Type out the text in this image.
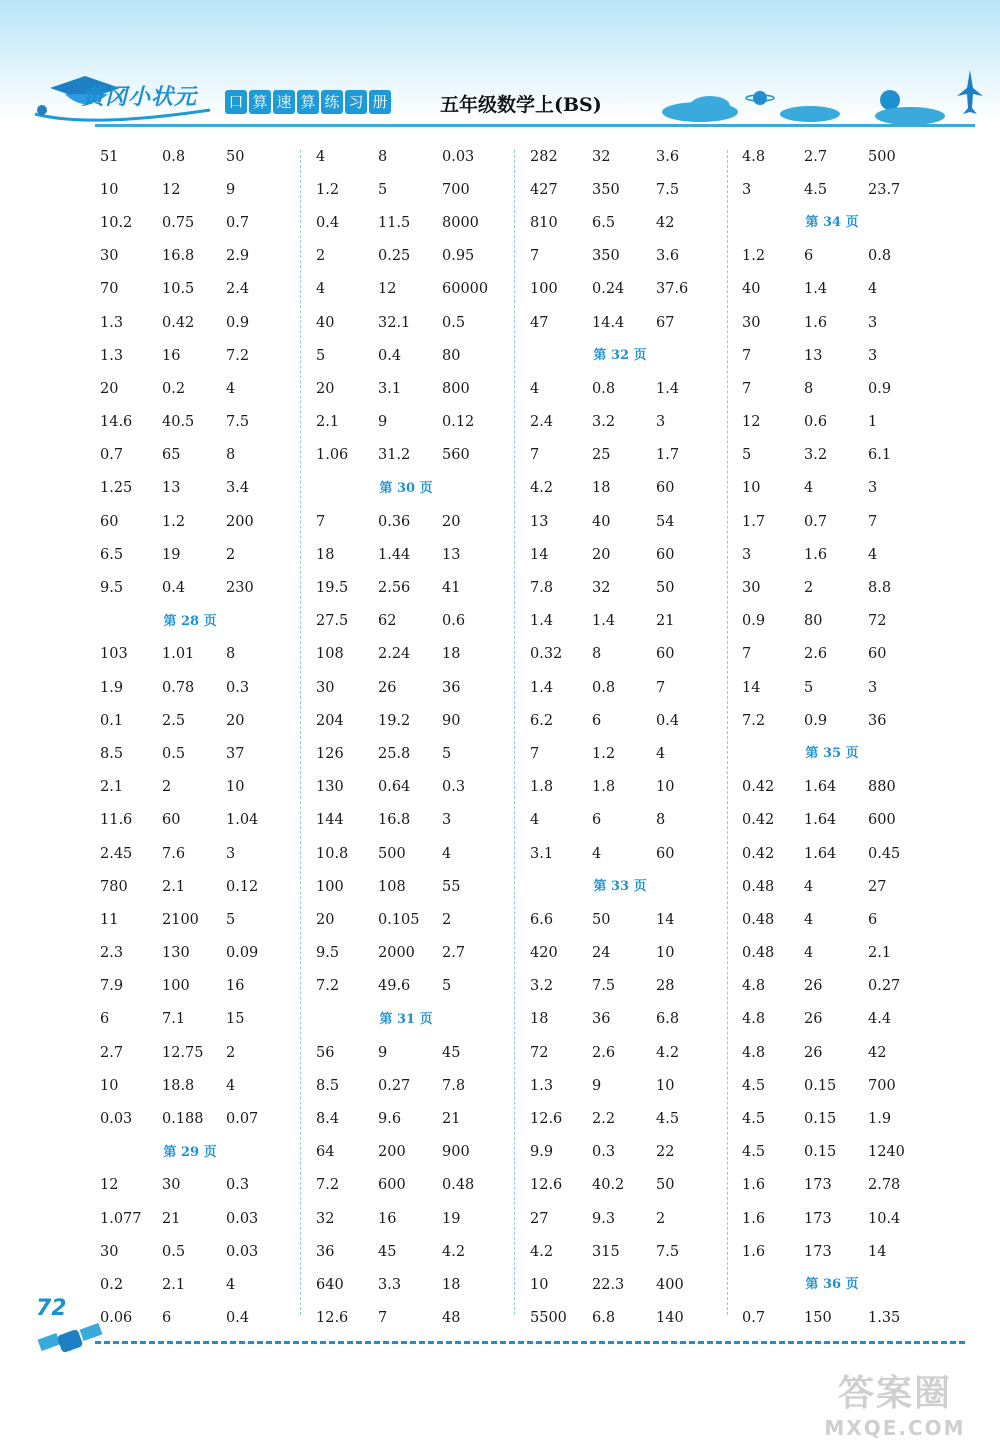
黄冈小状元 口 算 速 算 练 习 册	五年级数学上(BS)
51	0.8	50
10	12	9
10.2	0.75	0.7
30	16.8	2.9
70	10.5	2.4
1.3	0.42	0.9
1.3	16	7.2
20	0.2	4
14.6	40.5	7.5
0.7	65	8
1.25	13	3.4
60	1.2	200
6.5	19	2
9.5	0.4	230
第 28 页
103	1.01	8
1.9	0.78	0.3
0.1	2.5	20
8.5	0.5	37
2.1	2	10
11.6	60	1.04
2.45	7.6	3
780	2.1	0.12
11	2100	5
2.3	130	0.09
7.9	100	16
6	7.1	15
2.7	12.75	2
10	18.8	4
0.03	0.188	0.07
第 29 页
12	30	0.3
1.077	21	0.03
30	0.5	0.03
0.2	2.1	4
0.06	6	0.4
4	8	0.03
1.2	5	700
0.4	11.5	8000
2	0.25	0.95
4	12	60000
40	32.1	0.5
5	0.4	80
20	3.1	800
2.1	9	0.12
1.06	31.2	560
第 30 页
7	0.36	20
18	1.44	13
19.5	2.56	41
27.5	62	0.6
108	2.24	18
30	26	36
204	19.2	90
126	25.8	5
130	0.64	0.3
144	16.8	3
10.8	500	4
100	108	55
20	0.105	2
9.5	2000	2.7
7.2	49.6	5
第 31 页
56	9	45
8.5	0.27	7.8
8.4	9.6	21
64	200	900
7.2	600	0.48
32	16	19
36	45	4.2
640	3.3	18
12.6	7	48
282	32	3.6
427	350	7.5
810	6.5	42
7	350	3.6
100	0.24	37.6
47	14.4	67
第 32 页
4	0.8	1.4
2.4	3.2	3
7	25	1.7
4.2	18	60
13	40	54
14	20	60
7.8	32	50
1.4	1.4	21
0.32	8	60
1.4	0.8	7
6.2	6	0.4
7	1.2	4
1.8	1.8	10
4	6	8
3.1	4	60
第 33 页
6.6	50	14
420	24	10
3.2	7.5	28
18	36	6.8
72	2.6	4.2
1.3	9	10
12.6	2.2	4.5
9.9	0.3	22
12.6	40.2	50
27	9.3	2
4.2	315	7.5
10	22.3	400
5500	6.8	140
4.8	2.7	500
3	4.5	23.7
第 34 页
1.2	6	0.8
40	1.4	4
30	1.6	3
7	13	3
7	8	0.9
12	0.6	1
5	3.2	6.1
10	4	3
1.7	0.7	7
3	1.6	4
30	2	8.8
0.9	80	72
7	2.6	60
14	5	3
7.2	0.9	36
第 35 页
0.42	1.64	880
0.42	1.64	600
0.42	1.64	0.45
0.48	4	27
0.48	4	6
0.48	4	2.1
4.8	26	0.27
4.8	26	4.4
4.8	26	42
4.5	0.15	700
4.5	0.15	1.9
4.5	0.15	1240
1.6	173	2.78
1.6	173	10.4
1.6	173	14
第 36 页
0.7	150	1.35
72
答案圈
MXQE.COM
